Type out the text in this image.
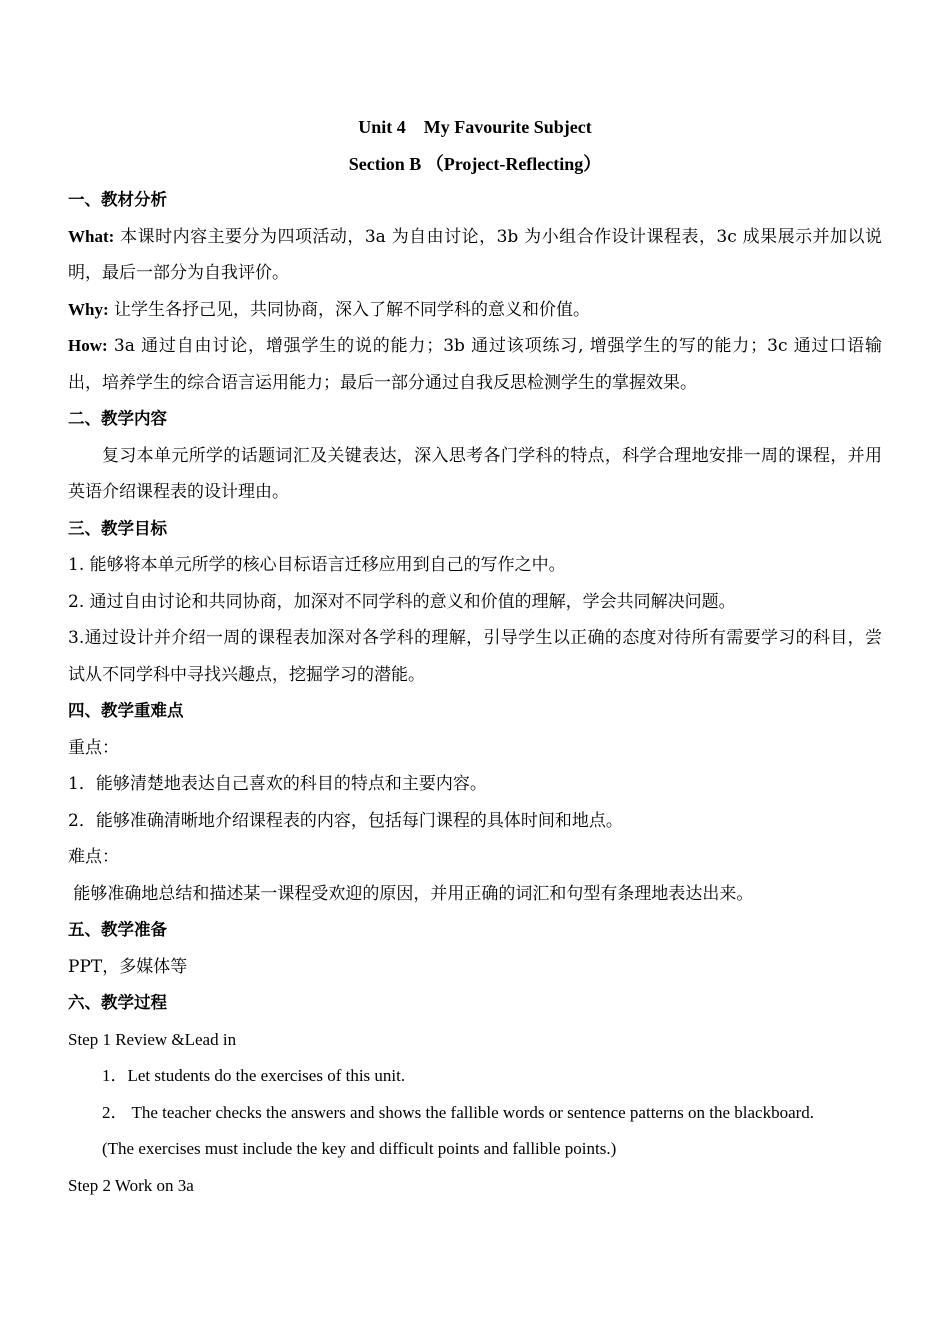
Unit 4    My Favourite Subject
Section B （Project-Reflecting）
一、教材分析

What: 本课时内容主要分为四项活动，3a 为自由讨论，3b 为小组合作设计课程表，3c 成果展示并加以说明，最后一部分为自我评价。

Why: 让学生各抒己见，共同协商，深入了解不同学科的意义和价值。

How: 3a 通过自由讨论，增强学生的说的能力；3b 通过该项练习, 增强学生的写的能力；3c 通过口语输出，培养学生的综合语言运用能力；最后一部分通过自我反思检测学生的掌握效果。

二、教学内容

复习本单元所学的话题词汇及关键表达，深入思考各门学科的特点，科学合理地安排一周的课程，并用英语介绍课程表的设计理由。

三、教学目标

1. 能够将本单元所学的核心目标语言迁移应用到自己的写作之中。

2. 通过自由讨论和共同协商，加深对不同学科的意义和价值的理解，学会共同解决问题。

3.通过设计并介绍一周的课程表加深对各学科的理解，引导学生以正确的态度对待所有需要学习的科目，尝试从不同学科中寻找兴趣点，挖掘学习的潜能。

四、教学重难点

重点：

1．能够清楚地表达自己喜欢的科目的特点和主要内容。

2．能够准确清晰地介绍课程表的内容，包括每门课程的具体时间和地点。

难点：

能够准确地总结和描述某一课程受欢迎的原因，并用正确的词汇和句型有条理地表达出来。

五、教学准备

PPT，多媒体等

六、教学过程

Step 1 Review &Lead in

1．Let students do the exercises of this unit.

2． The teacher checks the answers and shows the fallible words or sentence patterns on the blackboard.

(The exercises must include the key and difficult points and fallible points.)

Step 2 Work on 3a
